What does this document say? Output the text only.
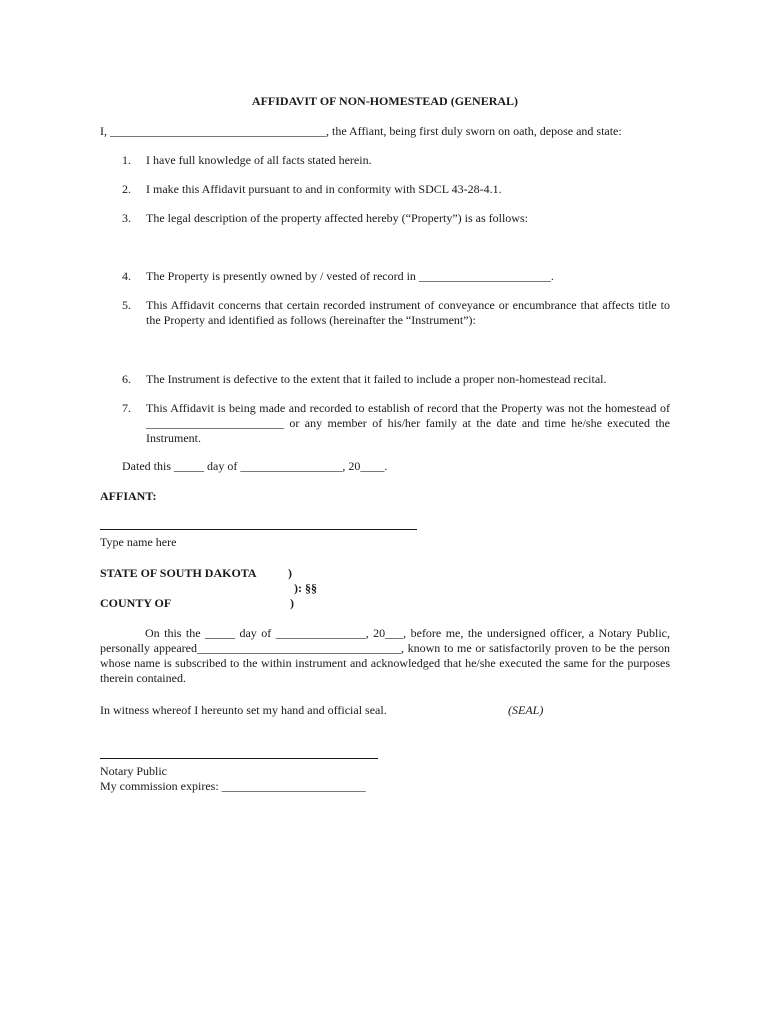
AFFIDAVIT OF NON-HOMESTEAD (GENERAL)
I, ____________________________________, the Affiant, being first duly sworn on oath, depose and state:
1. I have full knowledge of all facts stated herein.
2. I make this Affidavit pursuant to and in conformity with SDCL 43-28-4.1.
3. The legal description of the property affected hereby (“Property”) is as follows:
4. The Property is presently owned by / vested of record in ______________________.
5. This Affidavit concerns that certain recorded instrument of conveyance or encumbrance that affects title to the Property and identified as follows (hereinafter the “Instrument”):
6. The Instrument is defective to the extent that it failed to include a proper non-homestead recital.
7. This Affidavit is being made and recorded to establish of record that the Property was not the homestead of _______________________ or any member of his/her family at the date and time he/she executed the Instrument.
Dated this _____ day of _________________, 20____.
AFFIANT:
Type name here
STATE OF SOUTH DAKOTA	)
): §§
COUNTY OF	)
On this the _____ day of _______________, 20___, before me, the undersigned officer, a Notary Public, personally appeared__________________________________, known to me or satisfactorily proven to be the person whose name is subscribed to the within instrument and acknowledged that he/she executed the same for the purposes therein contained.
In witness whereof I hereunto set my hand and official seal.	(SEAL)
Notary Public
My commission expires: ________________________
